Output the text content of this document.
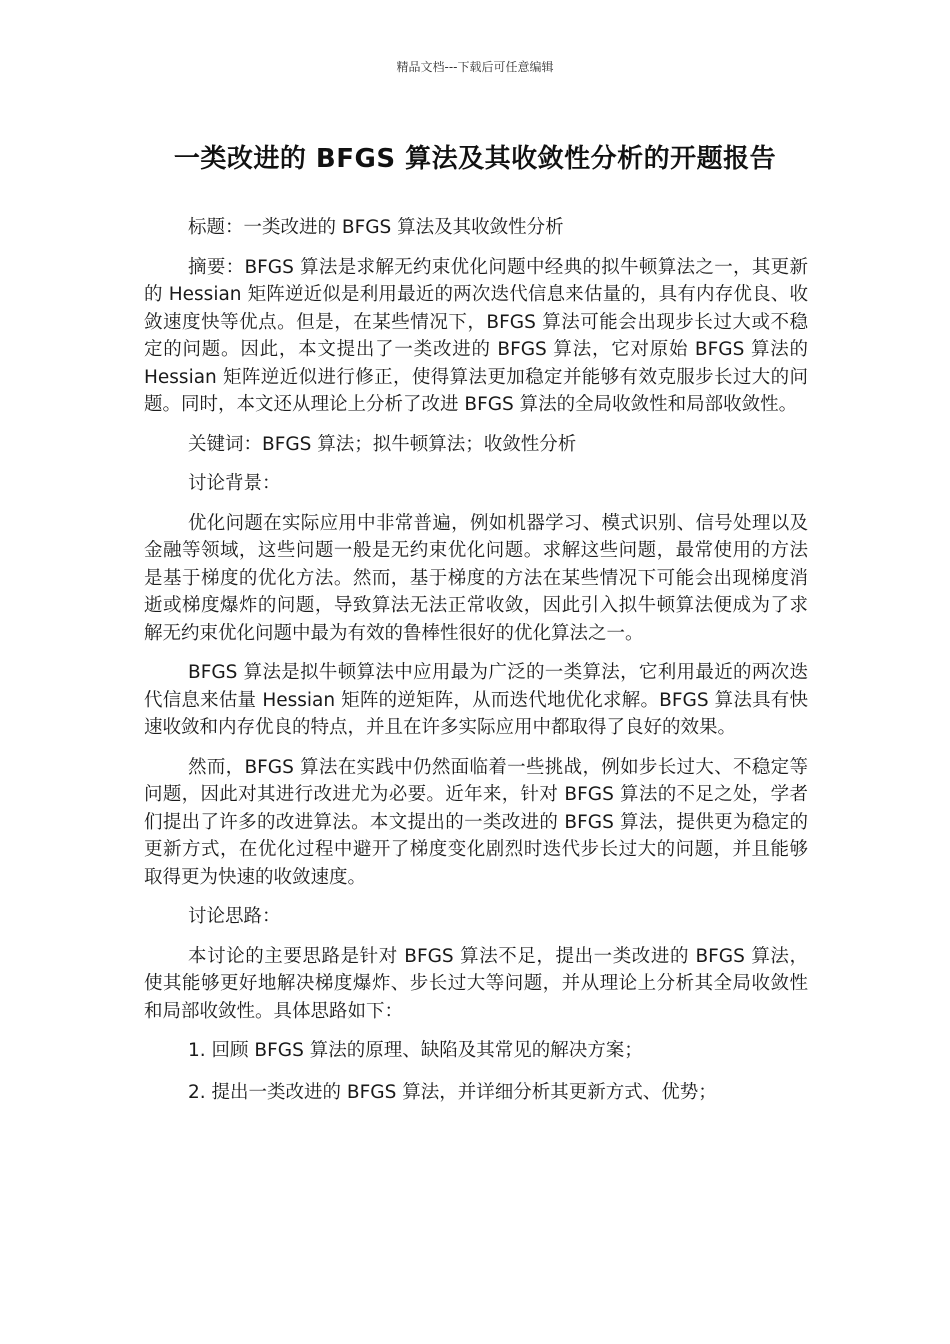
精品文档---下载后可任意编辑
一类改进的 BFGS 算法及其收敛性分析的开题报告

标题：一类改进的 BFGS 算法及其收敛性分析

摘要：BFGS 算法是求解无约束优化问题中经典的拟牛顿算法之一，其更新的 Hessian 矩阵逆近似是利用最近的两次迭代信息来估量的，具有内存优良、收敛速度快等优点。但是，在某些情况下，BFGS 算法可能会出现步长过大或不稳定的问题。因此，本文提出了一类改进的 BFGS 算法，它对原始 BFGS 算法的 Hessian 矩阵逆近似进行修正，使得算法更加稳定并能够有效克服步长过大的问题。同时，本文还从理论上分析了改进 BFGS 算法的全局收敛性和局部收敛性。

关键词：BFGS 算法；拟牛顿算法；收敛性分析

讨论背景：

优化问题在实际应用中非常普遍，例如机器学习、模式识别、信号处理以及金融等领域，这些问题一般是无约束优化问题。求解这些问题，最常使用的方法是基于梯度的优化方法。然而，基于梯度的方法在某些情况下可能会出现梯度消逝或梯度爆炸的问题，导致算法无法正常收敛，因此引入拟牛顿算法便成为了求解无约束优化问题中最为有效的鲁棒性很好的优化算法之一。

BFGS 算法是拟牛顿算法中应用最为广泛的一类算法，它利用最近的两次迭代信息来估量 Hessian 矩阵的逆矩阵，从而迭代地优化求解。BFGS 算法具有快速收敛和内存优良的特点，并且在许多实际应用中都取得了良好的效果。

然而，BFGS 算法在实践中仍然面临着一些挑战，例如步长过大、不稳定等问题，因此对其进行改进尤为必要。近年来，针对 BFGS 算法的不足之处，学者们提出了许多的改进算法。本文提出的一类改进的 BFGS 算法，提供更为稳定的更新方式，在优化过程中避开了梯度变化剧烈时迭代步长过大的问题，并且能够取得更为快速的收敛速度。

讨论思路：

本讨论的主要思路是针对 BFGS 算法不足，提出一类改进的 BFGS 算法，使其能够更好地解决梯度爆炸、步长过大等问题，并从理论上分析其全局收敛性和局部收敛性。具体思路如下：

1. 回顾 BFGS 算法的原理、缺陷及其常见的解决方案；

2. 提出一类改进的 BFGS 算法，并详细分析其更新方式、优势；
